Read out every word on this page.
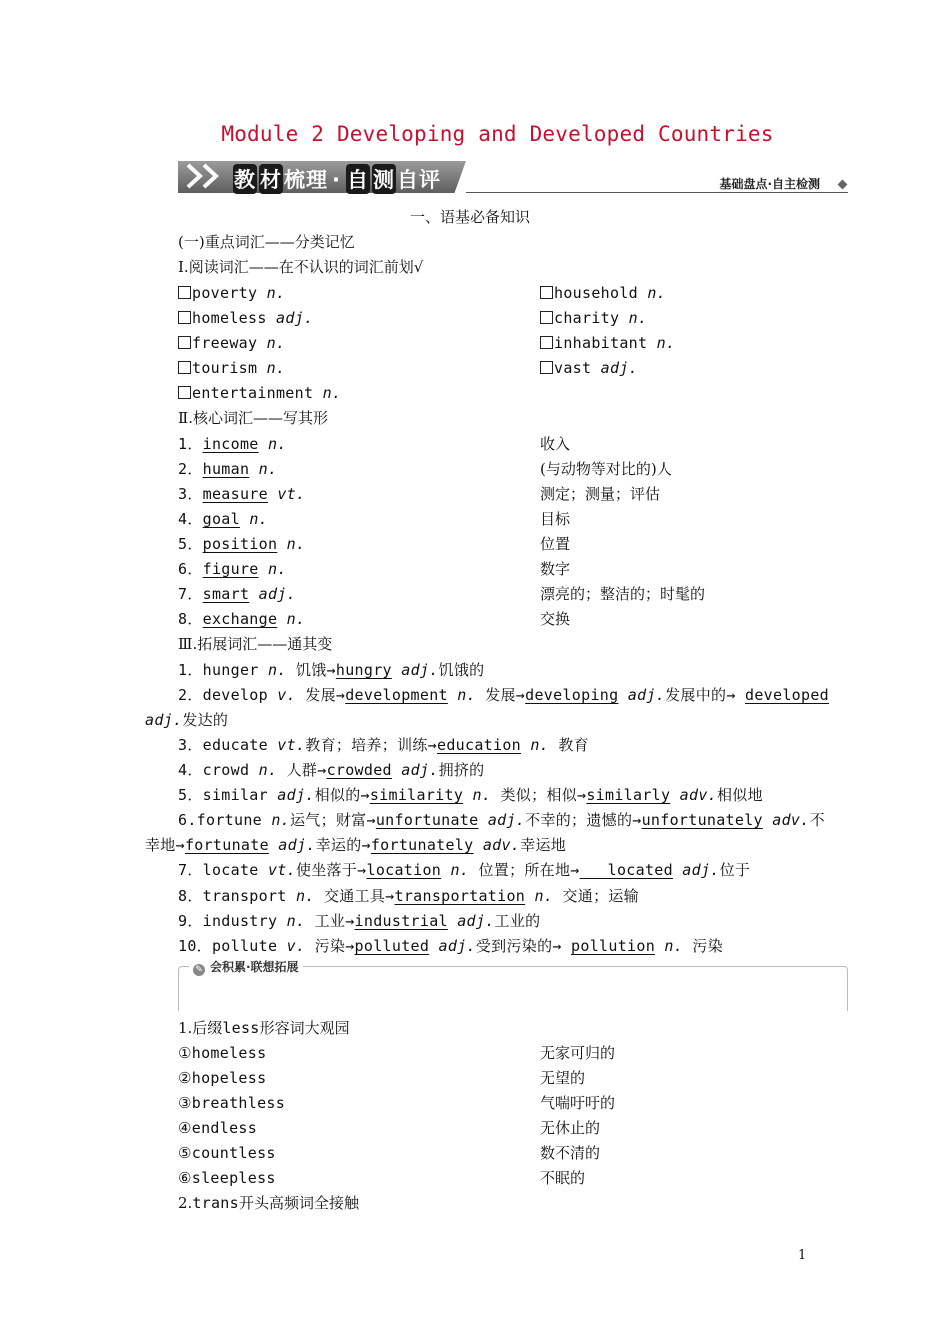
Module 2 Developing and Developed Countries
教 材梳理 · 自 测自评	基础盘点·自主检测
一、语基必备知识
(一)重点词汇——分类记忆
Ⅰ.阅读词汇——在不认识的词汇前划√
poverty n.	household n.
homeless adj.	charity n.
freeway n.	inhabitant n.
tourism n.	vast adj.
entertainment n.
Ⅱ.核心词汇——写其形
1．income n.	收入
2．human n.	(与动物等对比的)人
3．measure vt.	测定；测量；评估
4．goal n.	目标
5．position n.	位置
6．figure n.	数字
7．smart adj.	漂亮的；整洁的；时髦的
8．exchange n.	交换
Ⅲ.拓展词汇——通其变
1．hunger n. 饥饿→hungry adj.饥饿的
2．develop v. 发展→development n. 发展→developing adj.发展中的→ developed
adj.发达的
3．educate vt.教育；培养；训练→education n. 教育
4．crowd n. 人群→crowded adj.拥挤的
5．similar adj.相似的→similarity n. 类似；相似→similarly adv.相似地
6.fortune n.运气；财富→unfortunate adj.不幸的；遗憾的→unfortunately adv.不
幸地→fortunate adj.幸运的→fortunately adv.幸运地
7．locate vt.使坐落于→location n. 位置；所在地→   located adj.位于
8．transport n. 交通工具→transportation n. 交通；运输
9．industry n. 工业→industrial adj.工业的
10．pollute v. 污染→polluted adj.受到污染的→ pollution n. 污染
✎ 会积累·联想拓展
1.后缀less形容词大观园
①homeless	无家可归的
②hopeless	无望的
③breathless	气喘吁吁的
④endless	无休止的
⑤countless	数不清的
⑥sleepless	不眠的
2.trans开头高频词全接触
1
